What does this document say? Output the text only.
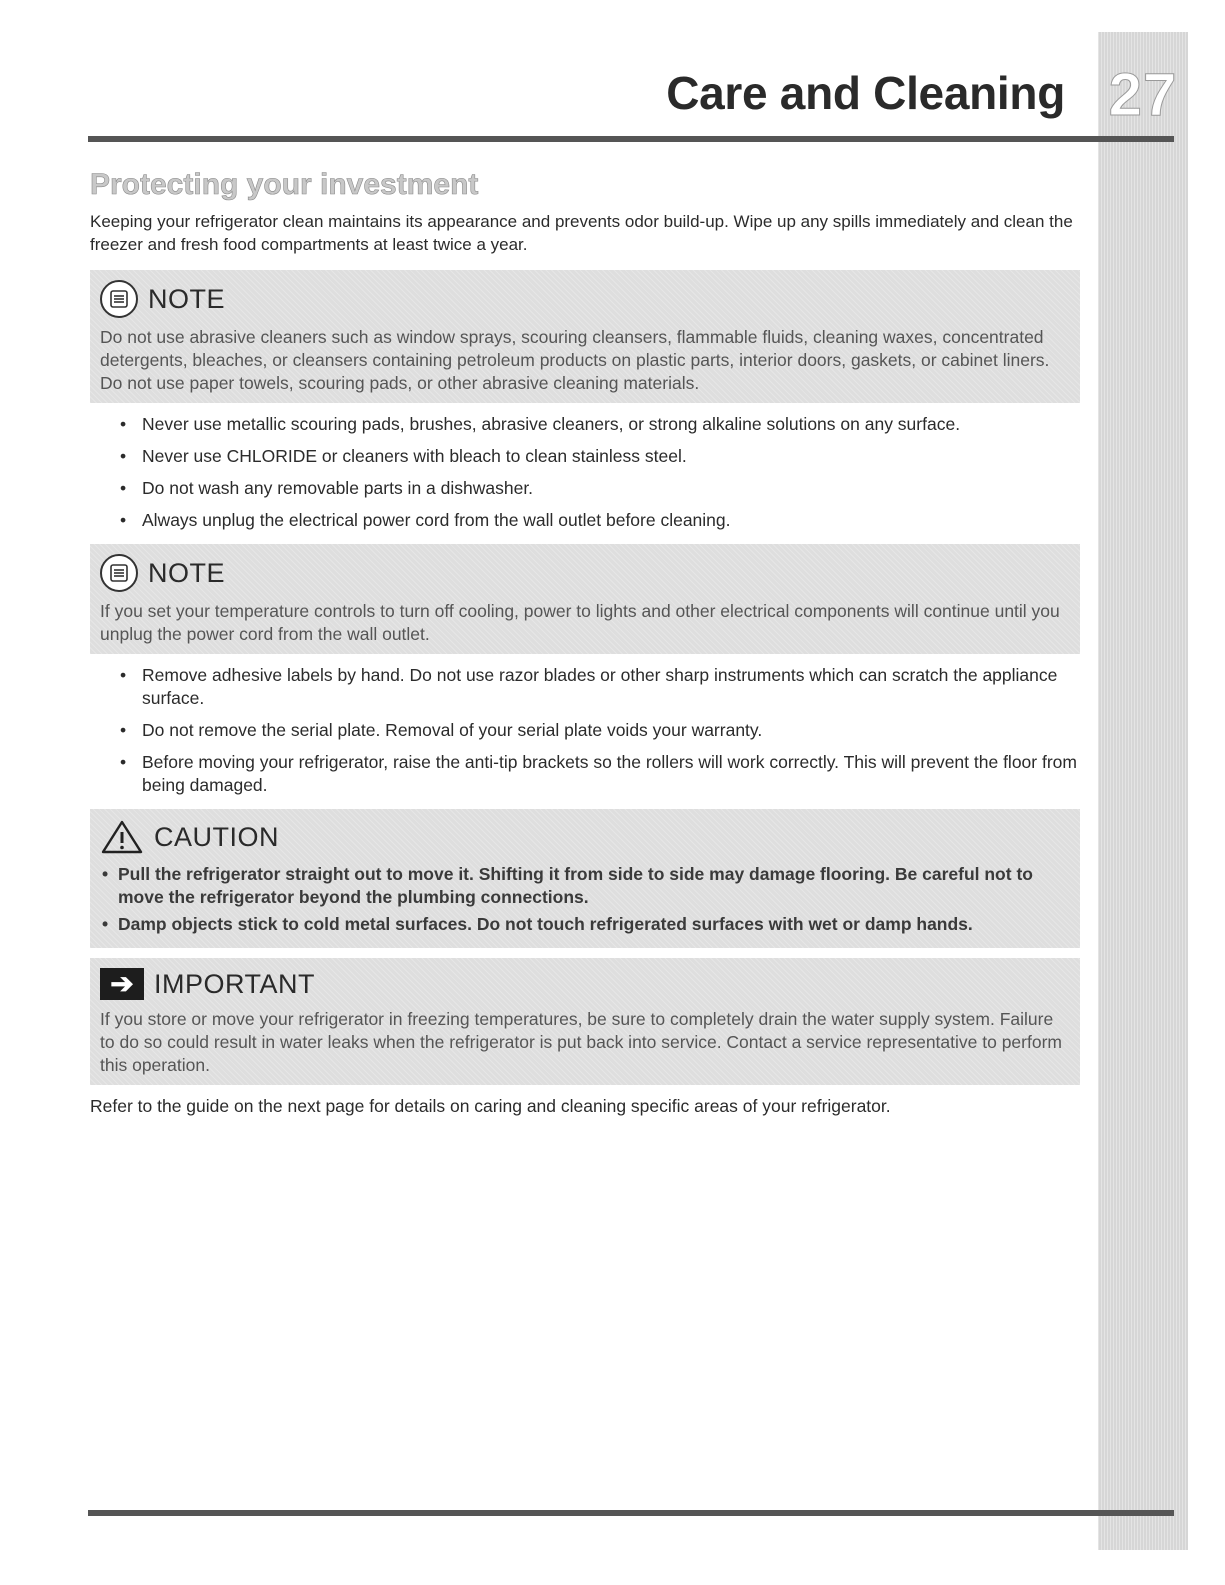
27
Care and Cleaning
Protecting your investment

Keeping your refrigerator clean maintains its appearance and prevents odor build-up. Wipe up any spills immediately and clean the freezer and fresh food compartments at least twice a year.

NOTE
Do not use abrasive cleaners such as window sprays, scouring cleansers, flammable fluids, cleaning waxes, concentrated detergents, bleaches, or cleansers containing petroleum products on plastic parts, interior doors, gaskets, or cabinet liners. Do not use paper towels, scouring pads, or other abrasive cleaning materials.
• Never use metallic scouring pads, brushes, abrasive cleaners, or strong alkaline solutions on any surface.
• Never use CHLORIDE or cleaners with bleach to clean stainless steel.
• Do not wash any removable parts in a dishwasher.
• Always unplug the electrical power cord from the wall outlet before cleaning.
NOTE
If you set your temperature controls to turn off cooling, power to lights and other electrical components will continue until you unplug the power cord from the wall outlet.
• Remove adhesive labels by hand. Do not use razor blades or other sharp instruments which can scratch the appliance surface.
• Do not remove the serial plate. Removal of your serial plate voids your warranty.
• Before moving your refrigerator, raise the anti-tip brackets so the rollers will work correctly. This will prevent the floor from being damaged.
CAUTION
• Pull the refrigerator straight out to move it. Shifting it from side to side may damage flooring. Be careful not to move the refrigerator beyond the plumbing connections.
• Damp objects stick to cold metal surfaces. Do not touch refrigerated surfaces with wet or damp hands.
➔ IMPORTANT
If you store or move your refrigerator in freezing temperatures, be sure to completely drain the water supply system. Failure to do so could result in water leaks when the refrigerator is put back into service. Contact a service representative to perform this operation.

Refer to the guide on the next page for details on caring and cleaning specific areas of your refrigerator.
